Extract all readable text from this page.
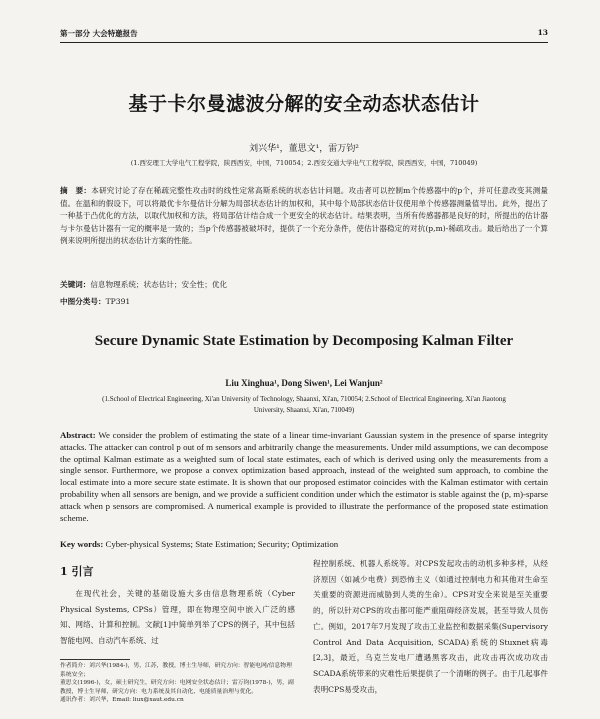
第一部分 大会特邀报告	13
基于卡尔曼滤波分解的安全动态状态估计
刘兴华¹，董思文¹，雷万钧²
(1.西安理工大学电气工程学院，陕西西安，中国，710054；2.西安交通大学电气工程学院，陕西西安，中国，710049)
摘　要：本研究讨论了存在稀疏完整性攻击时的线性定常高斯系统的状态估计问题。攻击者可以控制m个传感器中的p个，并可任意改变其测量值。在温和的假设下，可以将最优卡尔曼估计分解为局部状态估计的加权和，其中每个局部状态估计仅使用单个传感器测量值导出。此外，提出了一种基于凸优化的方法，以取代加权和方法，将局部估计结合成一个更安全的状态估计。结果表明，当所有传感器都是良好的时，所提出的估计器与卡尔曼估计器有一定的概率是一致的；当p个传感器被破坏时，提供了一个充分条件，使估计器稳定的对抗(p,m)-稀疏攻击。最后给出了一个算例来说明所提出的状态估计方案的性能。
关键词：信息物理系统；状态估计；安全性；优化
中图分类号：TP391
Secure Dynamic State Estimation by Decomposing Kalman Filter
Liu Xinghua¹, Dong Siwen¹, Lei Wanjun²
(1.School of Electrical Engineering, Xi'an University of Technology, Shaanxi, Xi'an, 710054; 2.School of Electrical Engineering, Xi'an Jiaotong University, Shaanxi, Xi'an, 710049)
Abstract: We consider the problem of estimating the state of a linear time-invariant Gaussian system in the presence of sparse integrity attacks. The attacker can control p out of m sensors and arbitrarily change the measurements. Under mild assumptions, we can decompose the optimal Kalman estimate as a weighted sum of local state estimates, each of which is derived using only the measurements from a single sensor. Furthermore, we propose a convex optimization based approach, instead of the weighted sum approach, to combine the local estimate into a more secure state estimate. It is shown that our proposed estimator coincides with the Kalman estimator with certain probability when all sensors are benign, and we provide a sufficient condition under which the estimator is stable against the (p, m)-sparse attack when p sensors are compromised. A numerical example is provided to illustrate the performance of the proposed state estimation scheme.
Key words: Cyber-physical Systems; State Estimation; Security; Optimization
1 引言

在现代社会，关键的基础设施大多由信息物理系统（Cyber Physical Systems, CPSs）管理，即在物理空间中嵌入广泛的感知、网络、计算和控制。文献[1]中简单列举了CPS的例子，其中包括智能电网、自动汽车系统、过

程控制系统、机器人系统等。对CPS发起攻击的动机多种多样，从经济原因（如减少电费）到恐怖主义（如通过控制电力和其他对生命至关重要的资源进而威胁到人类的生命）。CPS对安全来说是至关重要的，所以针对CPS的攻击都可能严重阻碍经济发展，甚至导致人员伤亡。例如，2017年7月发现了攻击工业监控和数据采集(Supervisory Control And Data Acquisition, SCADA)系统的Stuxnet病毒[2,3]，最近，乌克兰发电厂遭遇黑客攻击，此攻击再次成功攻击SCADA系统带来的灾难性后果提供了一个清晰的例子。由于几起事件表明CPS易受攻击，

作者简介：刘兴华(1984-)，男，江苏，教授，博士生导师，研究方向：智能电网/信息物理系统安全；
董思文(1996-)，女，硕士研究生，研究方向：电网安全状态估计；雷万钧(1978-)，男，副教授，博士生导师，研究方向：电力系统及其自动化、电能质量治理与优化。
通讯作者：刘兴华，Email: liux@xaut.edu.cn
